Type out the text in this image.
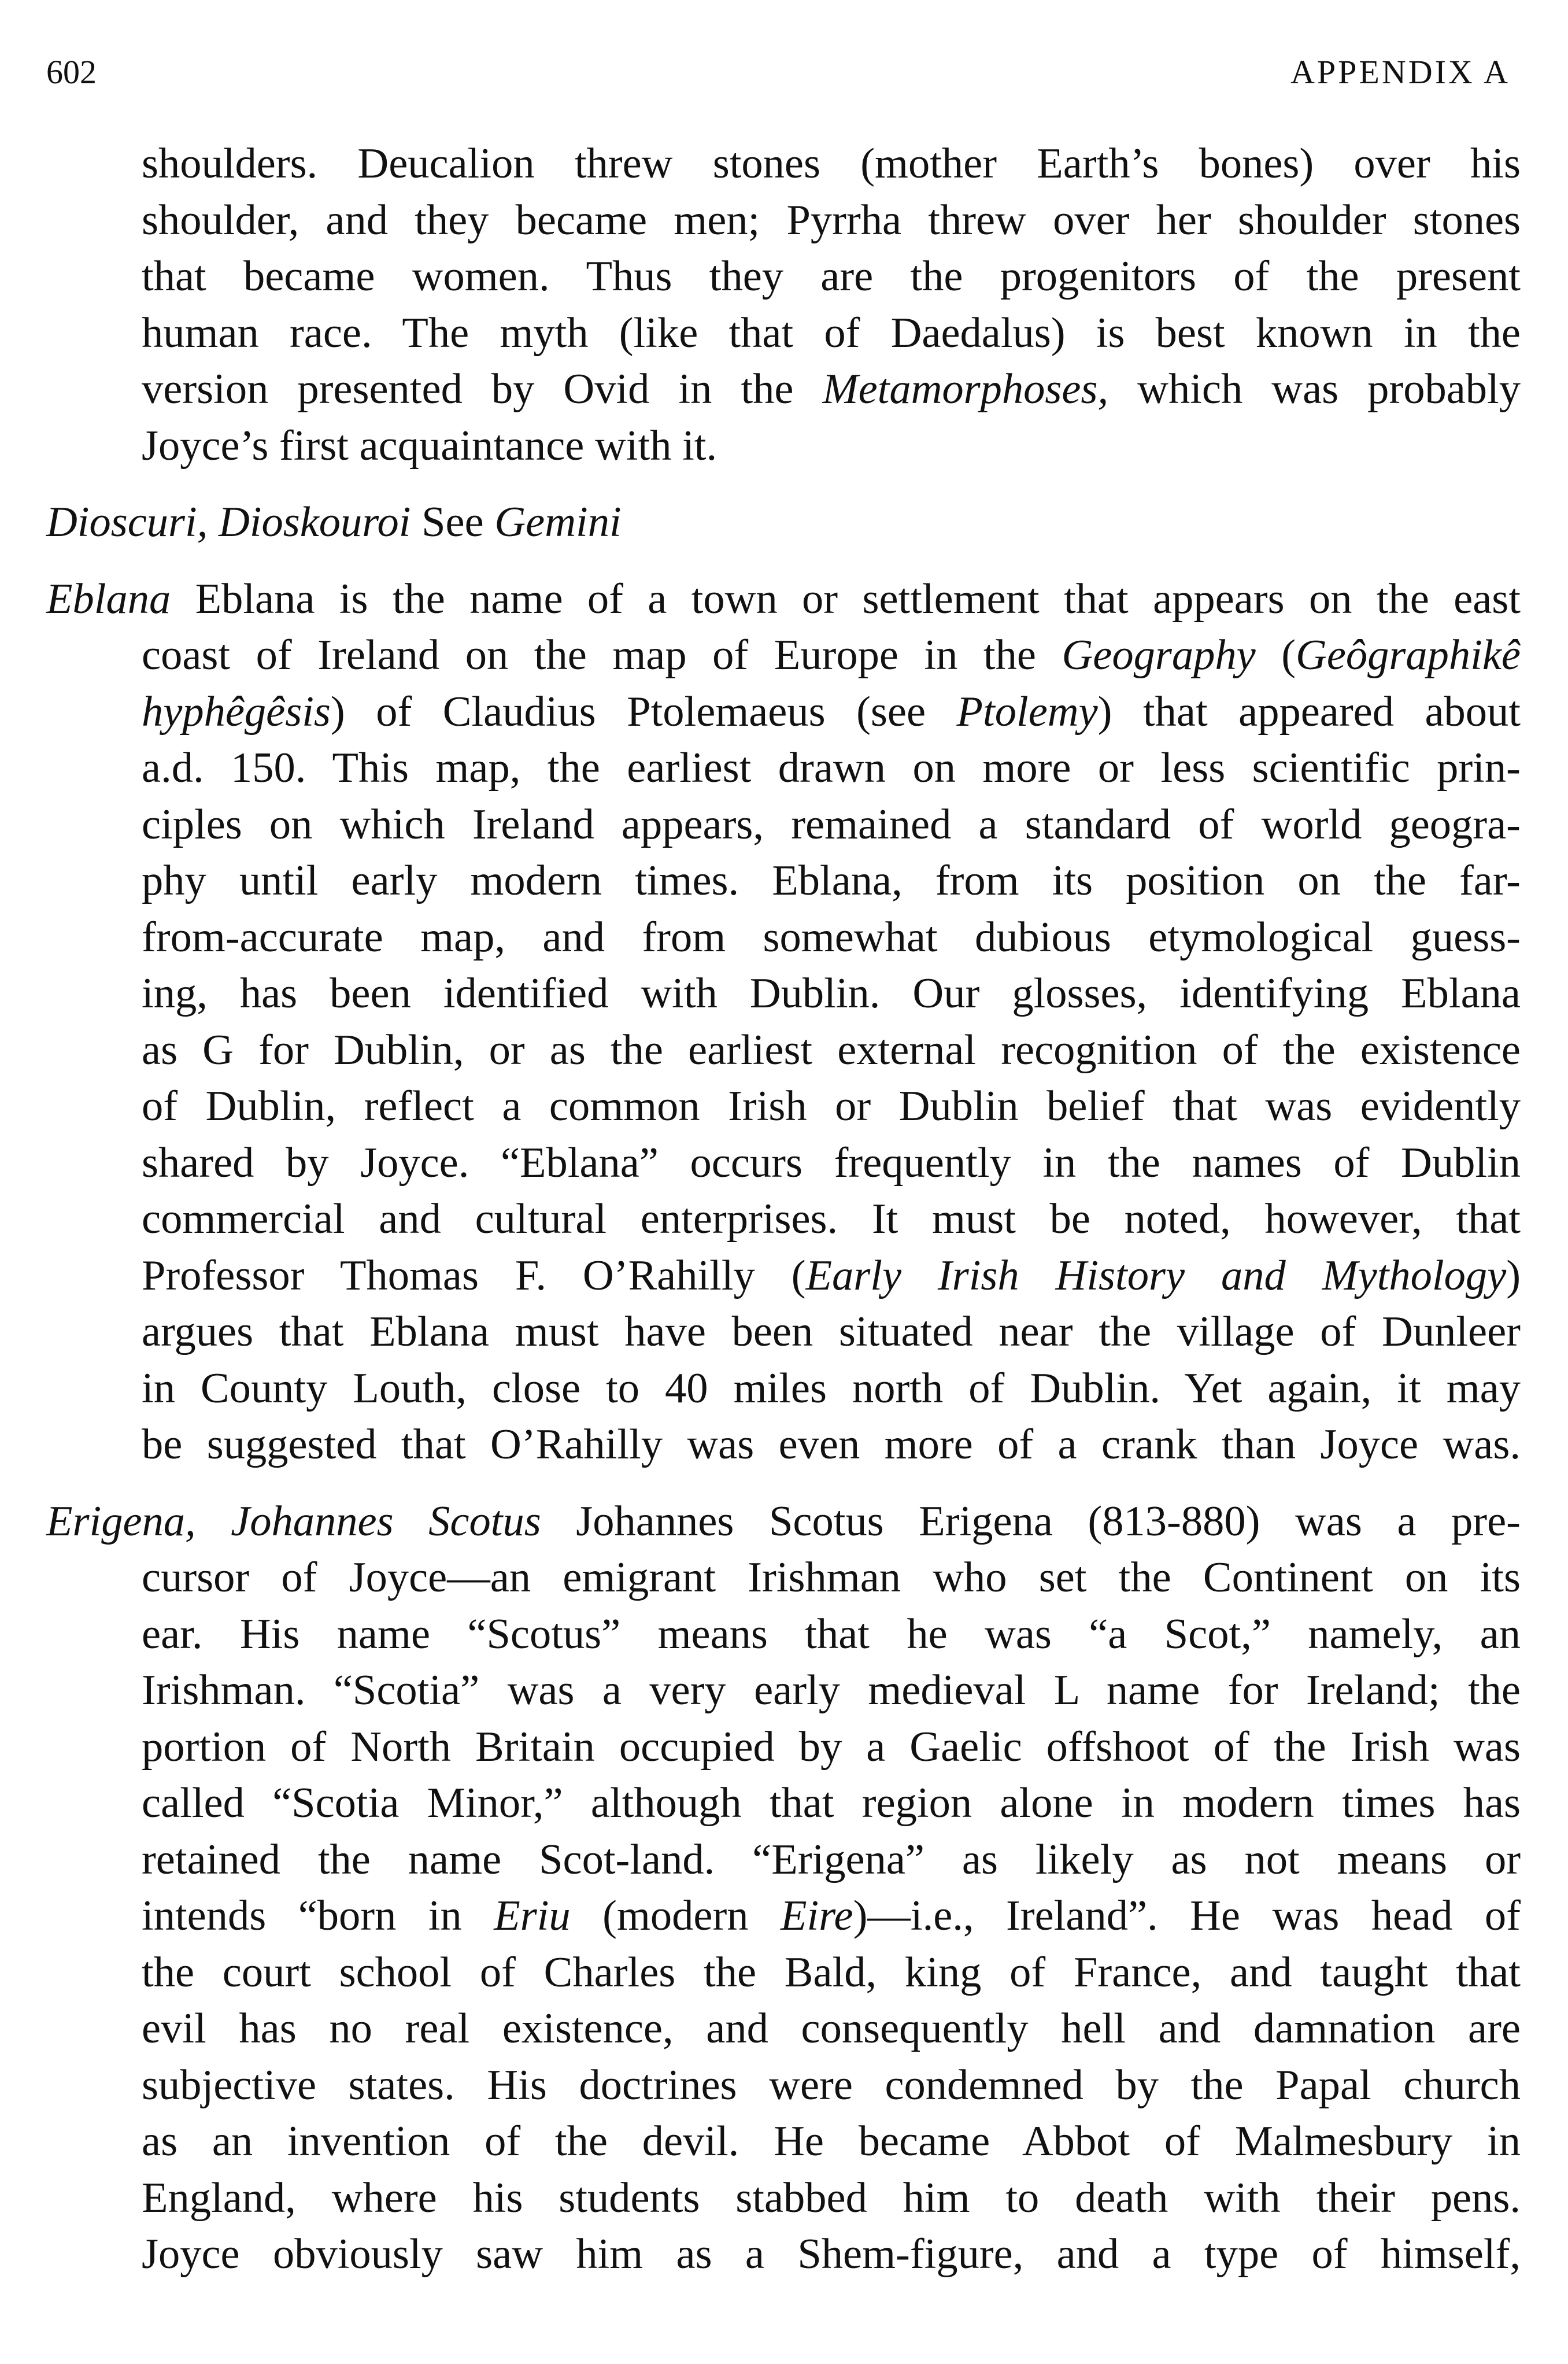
602	APPENDIX A
shoulders. Deucalion threw stones (mother Earth’s bones) over his
shoulder, and they became men; Pyrrha threw over her shoulder stones
that became women. Thus they are the progenitors of the present
human race. The myth (like that of Daedalus) is best known in the
version presented by Ovid in the Metamorphoses, which was probably
Joyce’s first acquaintance with it.
Dioscuri, Dioskouroi See Gemini
Eblana Eblana is the name of a town or settlement that appears on the east
coast of Ireland on the map of Europe in the Geography (Geôgraphikê
hyphêgêsis) of Claudius Ptolemaeus (see Ptolemy) that appeared about
a.d. 150. This map, the earliest drawn on more or less scientific prin-
ciples on which Ireland appears, remained a standard of world geogra-
phy until early modern times. Eblana, from its position on the far-
from-accurate map, and from somewhat dubious etymological guess-
ing, has been identified with Dublin. Our glosses, identifying Eblana
as G for Dublin, or as the earliest external recognition of the existence
of Dublin, reflect a common Irish or Dublin belief that was evidently
shared by Joyce. “Eblana” occurs frequently in the names of Dublin
commercial and cultural enterprises. It must be noted, however, that
Professor Thomas F. O’Rahilly (Early Irish History and Mythology)
argues that Eblana must have been situated near the village of Dunleer
in County Louth, close to 40 miles north of Dublin. Yet again, it may
be suggested that O’Rahilly was even more of a crank than Joyce was.
Erigena, Johannes Scotus Johannes Scotus Erigena (813-880) was a pre-
cursor of Joyce—an emigrant Irishman who set the Continent on its
ear. His name “Scotus” means that he was “a Scot,” namely, an
Irishman. “Scotia” was a very early medieval L name for Ireland; the
portion of North Britain occupied by a Gaelic offshoot of the Irish was
called “Scotia Minor,” although that region alone in modern times has
retained the name Scot-land. “Erigena” as likely as not means or
intends “born in Eriu (modern Eire)—i.e., Ireland”. He was head of
the court school of Charles the Bald, king of France, and taught that
evil has no real existence, and consequently hell and damnation are
subjective states. His doctrines were condemned by the Papal church
as an invention of the devil. He became Abbot of Malmesbury in
England, where his students stabbed him to death with their pens.
Joyce obviously saw him as a Shem-figure, and a type of himself,
